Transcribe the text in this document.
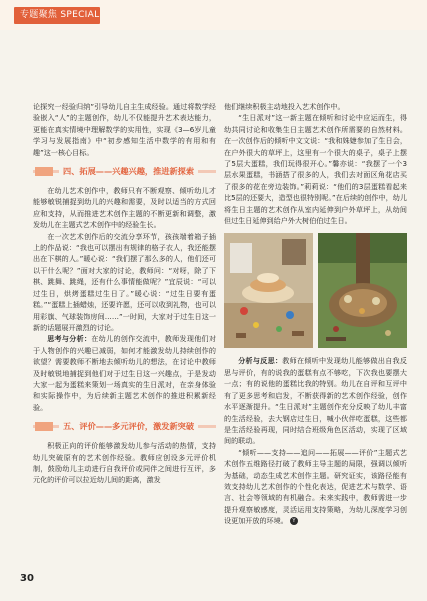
专题聚焦 SPECIAL

论探究一经验归纳”引导幼儿自主生成经验。通过将数学经验嵌入“人”的主题创作，幼儿不仅能提升艺术表达能力，更能在真实情境中理解数学的实用性，实现《3—6岁儿童学习与发展指南》中“初步感知生活中数学的有用和有趣”这一核心目标。

四、拓展——兴趣兴趣，推进新探索

在幼儿艺术创作中，教师只有不断观察、倾听幼儿才能够敏锐捕捉到幼儿的兴趣和需要，及时以适当的方式回应和支持，从而推进艺术创作主题的不断更新和调整，激发幼儿在主题式艺术创作中的经验生长。

在一次艺术创作后的交流分享环节，孩孩端着箱子插上的作品说：“我也可以摆出有规律的格子衣人，我还能摆出在下棋的人。”暖心说：“我们摆了那么多的人，他们还可以干什么呢？”面对大家的讨论，教师问：“对呀，除了下棋、跳舞、跳绳，还有什么事情能做呢？”宜辰说：“可以过生日，烘烤蛋糕过生日了。”暖心说：“过生日要有蛋糕。”“蛋糕上插蜡烛，还要许愿，还可以收到礼物，也可以用彩旗、气球装饰房间……”一时间，大家对于过生日这一新的话题展开激烈的讨论。

思考与分析：在幼儿的创作交流中，教师发现他们对于人物创作的兴趣已减弱，如何才能激发幼儿持续创作的欲望？需要教师不断地去倾听幼儿的想法，在讨论中教师及时敏锐地捕捉到他们对于过生日这一兴趣点，于是发动大家一起为蛋糕来策划一场真实的生日派对，在亲身体验和实际操作中，为后续新主题艺术创作的推进积累新经验。

五、评价——多元评价，激发新突破

积极正向的评价能够激发幼儿参与活动的热情，支持幼儿突破原有的艺术创作经验。教师应创设多元评价机制，鼓励幼儿主动进行自我评价或同伴之间进行互评，多元化的评价可以拉近幼儿间的距离，激发

他们继续积极主动地投入艺术创作中。

“生日派对”这一新主题在倾听和讨论中应运而生，得幼共同讨论和收集生日主题艺术创作所需要的自然材料。在一次创作后的倾听中文文说：“我和姝婕参加了生日会，在户外很大的草坪上，这里有一个很大的桌子，桌子上摆了5层大蛋糕，我们玩得很开心。”馨亦说：“我摆了一个3层水果蛋糕，书涵搭了很多的人，我们去对面区角花店买了很多的花在旁边装饰。”莉莉说：“他们的3层蛋糕看起来比5层的还要大，造型也很特别呢。”在后续的创作中，幼儿将生日主题的艺术创作从室内延伸到户外草坪上，从幼间但过生日延伸到给户外大树伯伯过生日。

分析与反思：教师在倾听中发现幼儿能够做出自我反思与评价，有的说我的蛋糕有点不够吃，下次我也要摆大一点；有的说他的蛋糕比我的特别。幼儿在自评和互评中有了更多思考和启发，不断获得新的艺术创作经验，创作水平逐渐提升。“生日派对”主题创作充分反映了幼儿丰富的生活经验，去大钢店过生日，喊小伙伴吃蛋糕，这些都是生活经验再现，同时结合班级角色区活动，实现了区域间的联动。

“倾听——支持——追问——拓展——评价”主题式艺术创作五维路径打破了教师主导主题的局限，强调以倾听为基础，动态生成艺术创作主题。研究证实，该路径能有效支持幼儿艺术创作的个性化表达，促进艺术与数学、语言、社会等领域的有机融合。未来实践中，教师需进一步提升观察敏感度，灵活运用支持策略，为幼儿深度学习创设更加开放的环境。 Y

30
